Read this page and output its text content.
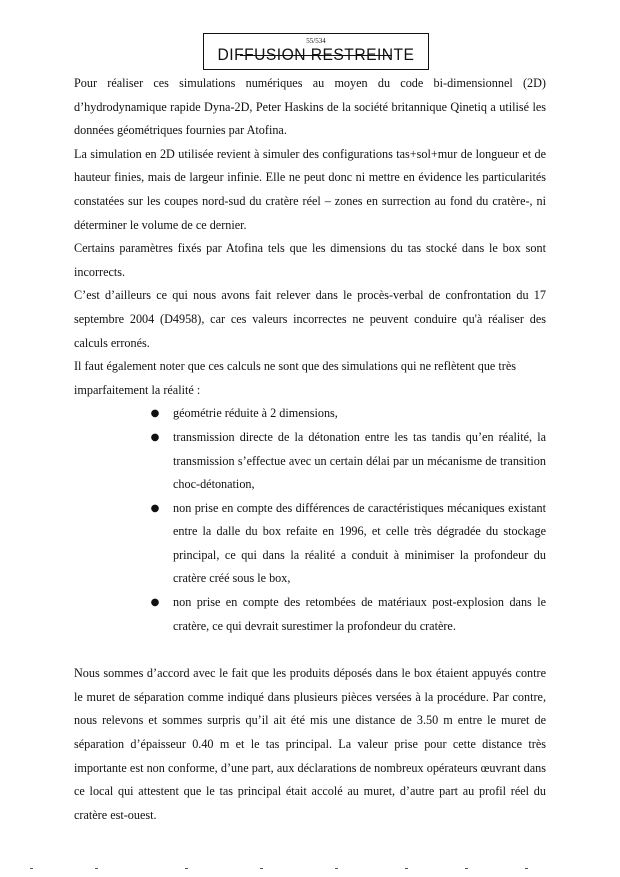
55/534
DIFFUSION RESTREINTE

Pour réaliser ces simulations numériques au moyen du code bi-dimensionnel (2D) d’hydrodynamique rapide Dyna-2D, Peter Haskins de la société britannique Qinetiq a utilisé les données géométriques fournies par Atofina.

La simulation en 2D utilisée revient à simuler des configurations tas+sol+mur de longueur et de hauteur finies, mais de largeur infinie. Elle ne peut donc ni mettre en évidence les particularités constatées sur les coupes nord-sud du cratère réel – zones en surrection au fond du cratère-, ni déterminer le volume de ce dernier.

Certains paramètres fixés par Atofina tels que les dimensions du tas stocké dans le box sont incorrects.

C’est d’ailleurs ce qui nous avons fait relever dans le procès-verbal de confrontation du 17 septembre 2004 (D4958), car ces valeurs incorrectes ne peuvent conduire qu'à réaliser des calculs erronés.

Il faut également noter que ces calculs ne sont que des simulations qui ne reflètent que très imparfaitement la réalité :

● géométrie réduite à 2 dimensions,
● transmission directe de la détonation entre les tas tandis qu’en réalité, la transmission s’effectue avec un certain délai par un mécanisme de transition choc-détonation,
● non prise en compte des différences de caractéristiques mécaniques existant entre la dalle du box refaite en 1996, et celle très dégradée du stockage principal, ce qui dans la réalité a conduit à minimiser la profondeur du cratère créé sous le box,
● non prise en compte des retombées de matériaux post-explosion dans le cratère, ce qui devrait surestimer la profondeur du cratère.

Nous sommes d’accord avec le fait que les produits déposés dans le box étaient appuyés contre le muret de séparation comme indiqué dans plusieurs pièces versées à la procédure. Par contre, nous relevons et sommes surpris qu’il ait été mis une distance de 3.50 m entre le muret de séparation d’épaisseur 0.40 m et le tas principal. La valeur prise pour cette distance très importante est non conforme, d’une part, aux déclarations de nombreux opérateurs œuvrant dans ce local qui attestent que le tas principal était accolé au muret, d’autre part au profil réel du cratère est-ouest.
